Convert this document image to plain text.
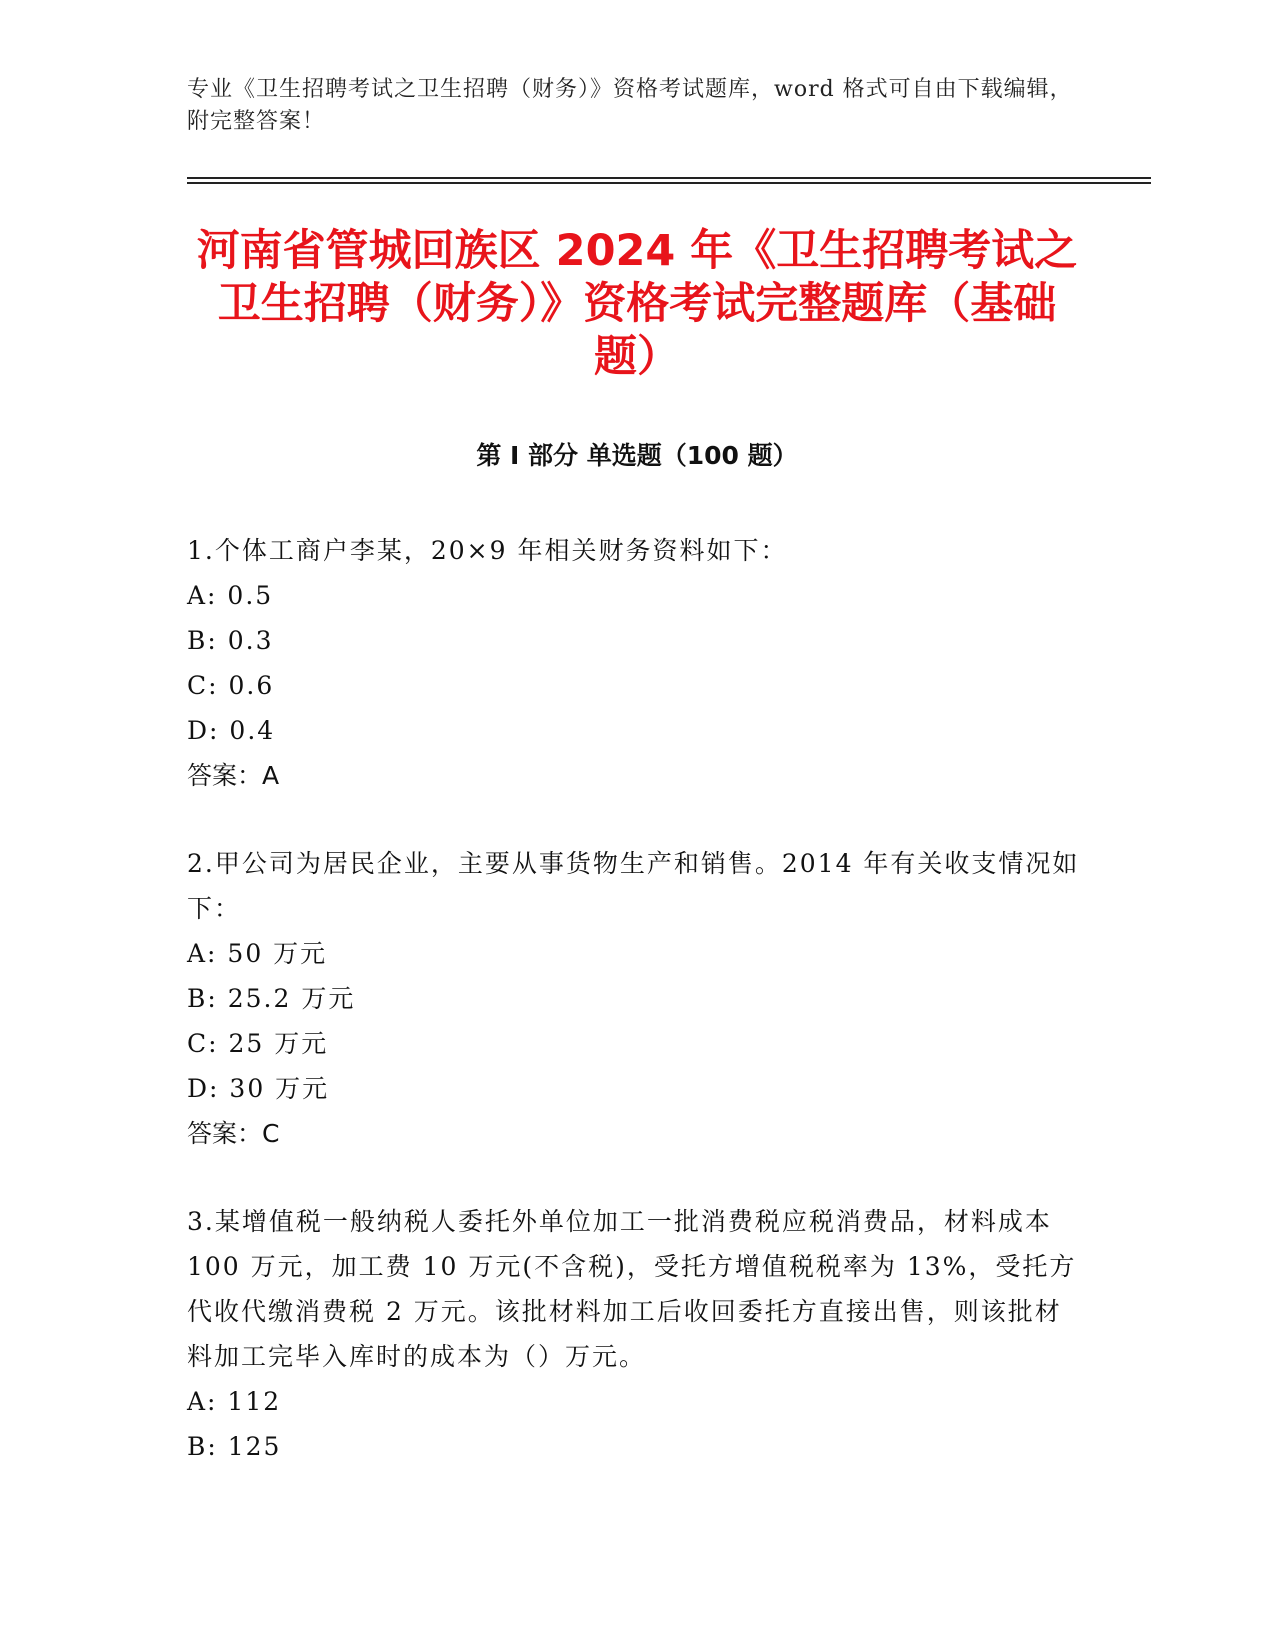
专业《卫生招聘考试之卫生招聘（财务）》资格考试题库，word 格式可自由下载编辑，附完整答案！
河南省管城回族区 2024 年《卫生招聘考试之卫生招聘（财务）》资格考试完整题库（基础题）
第 I 部分 单选题（100 题）

1.个体工商户李某，20×9 年相关财务资料如下：

A: 0.5

B: 0.3

C: 0.6

D: 0.4

答案：A

2.甲公司为居民企业，主要从事货物生产和销售。2014 年有关收支情况如下：

A: 50 万元

B: 25.2 万元

C: 25 万元

D: 30 万元

答案：C

3.某增值税一般纳税人委托外单位加工一批消费税应税消费品，材料成本 100 万元，加工费 10 万元(不含税)，受托方增值税税率为 13%，受托方代收代缴消费税 2 万元。该批材料加工后收回委托方直接出售，则该批材料加工完毕入库时的成本为（）万元。

A: 112

B: 125
